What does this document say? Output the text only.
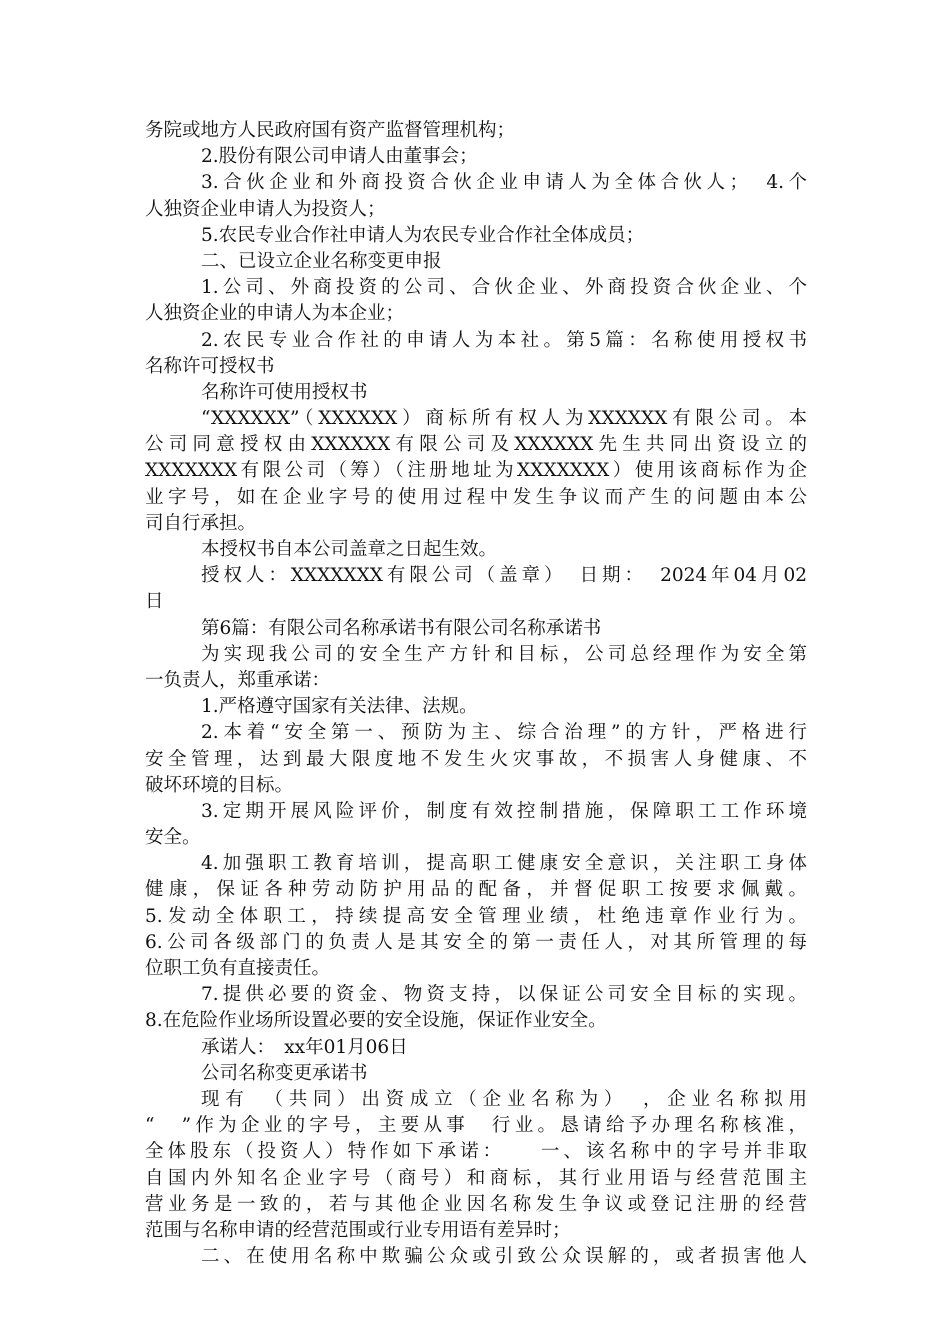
务院或地方人民政府国有资产监督管理机构；
2.股份有限公司申请人由董事会；
3.合伙企业和外商投资合伙企业申请人为全体合伙人；　4.个
人独资企业申请人为投资人；
5.农民专业合作社申请人为农民专业合作社全体成员；
二、已设立企业名称变更申报
1.公司、外商投资的公司、合伙企业、外商投资合伙企业、个
人独资企业的申请人为本企业；
2.农民专业合作社的申请人为本社。第5篇：名称使用授权书
名称许可授权书
名称许可使用授权书
“XXXXXX”（XXXXXX）商标所有权人为XXXXXX有限公司。本
公司同意授权由XXXXXX有限公司及XXXXXX先生共同出资设立的
XXXXXXX有限公司（筹）（注册地址为XXXXXXX）使用该商标作为企
业字号，如在企业字号的使用过程中发生争议而产生的问题由本公
司自行承担。
本授权书自本公司盖章之日起生效。
授权人：XXXXXXX有限公司（盖章）　日期：　2024年04月02
日
第6篇：有限公司名称承诺书有限公司名称承诺书
为实现我公司的安全生产方针和目标，公司总经理作为安全第
一负责人，郑重承诺：
1.严格遵守国家有关法律、法规。
2.本着“安全第一、预防为主、综合治理”的方针，严格进行
安全管理，达到最大限度地不发生火灾事故，不损害人身健康、不
破坏环境的目标。
3.定期开展风险评价，制度有效控制措施，保障职工工作环境
安全。
4.加强职工教育培训，提高职工健康安全意识，关注职工身体
健康，保证各种劳动防护用品的配备，并督促职工按要求佩戴。
5.发动全体职工，持续提高安全管理业绩，杜绝违章作业行为。
6.公司各级部门的负责人是其安全的第一责任人，对其所管理的每
位职工负有直接责任。
7.提供必要的资金、物资支持，以保证公司安全目标的实现。
8.在危险作业场所设置必要的安全设施，保证作业安全。
承诺人：　xx年01月06日
公司名称变更承诺书
现有　（共同）出资成立（企业名称为）　，企业名称拟用
“　”作为企业的字号，主要从事　行业。恳请给予办理名称核准，
全体股东（投资人）特作如下承诺：　　一、该名称中的字号并非取
自国内外知名企业字号（商号）和商标，其行业用语与经营范围主
营业务是一致的，若与其他企业因名称发生争议或登记注册的经营
范围与名称申请的经营范围或行业专用语有差异时；
二、在使用名称中欺骗公众或引致公众误解的，或者损害他人
